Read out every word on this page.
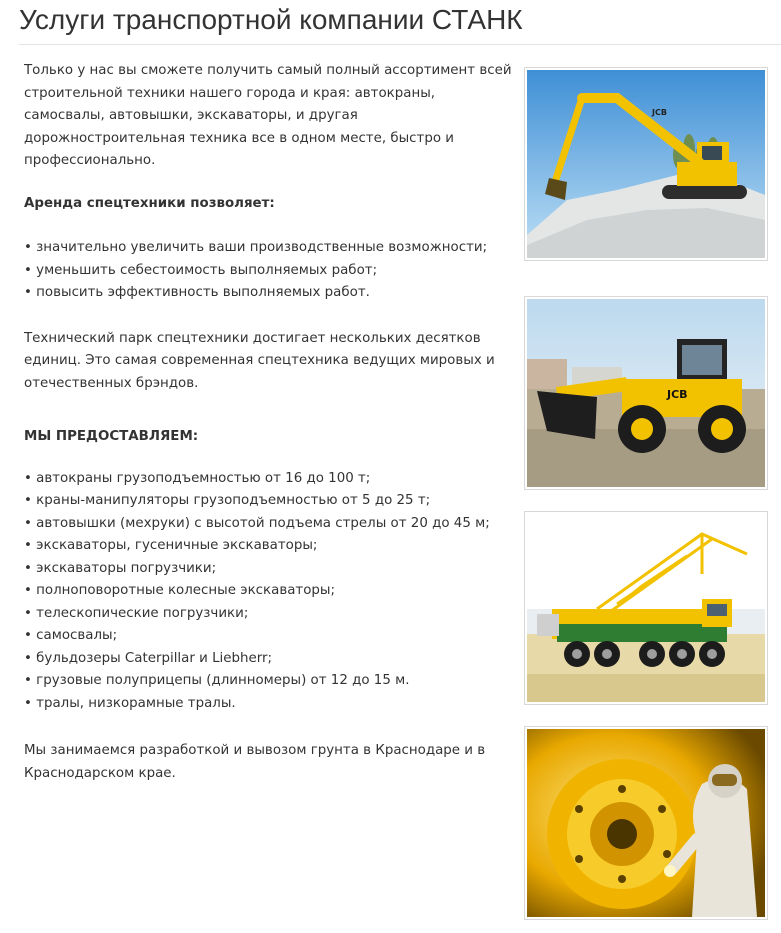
Услуги транспортной компании СТАНК

Только у нас вы сможете получить самый полный ассортимент всей строительной техники нашего города и края: автокраны, самосвалы, автовышки, экскаваторы, и другая дорожностроительная техника все в одном месте, быстро и профессионально.

Аренда спецтехники позволяет:

• значительно увеличить ваши производственные возможности;
• уменьшить себестоимость выполняемых работ;
• повысить эффективность выполняемых работ.

Технический парк спецтехники достигает нескольких десятков единиц. Это самая современная спецтехника ведущих мировых и отечественных брэндов.

МЫ ПРЕДОСТАВЛЯЕМ:

• автокраны грузоподъемностью от 16 до 100 т;
• краны-манипуляторы грузоподъемностью от 5 до 25 т;
• автовышки (мехруки) с высотой подъема стрелы от 20 до 45 м;
• экскаваторы, гусеничные экскаваторы;
• экскаваторы погрузчики;
• полноповоротные колесные экскаваторы;
• телескопические погрузчики;
• самосвалы;
• бульдозеры Caterpillar и Liebherr;
• грузовые полуприцепы (длинномеры) от 12 до 15 м.
• тралы, низкорамные тралы.

Мы занимаемся разработкой и вывозом грунта в Краснодаре и в Краснодарском крае.

JCB
JCB
